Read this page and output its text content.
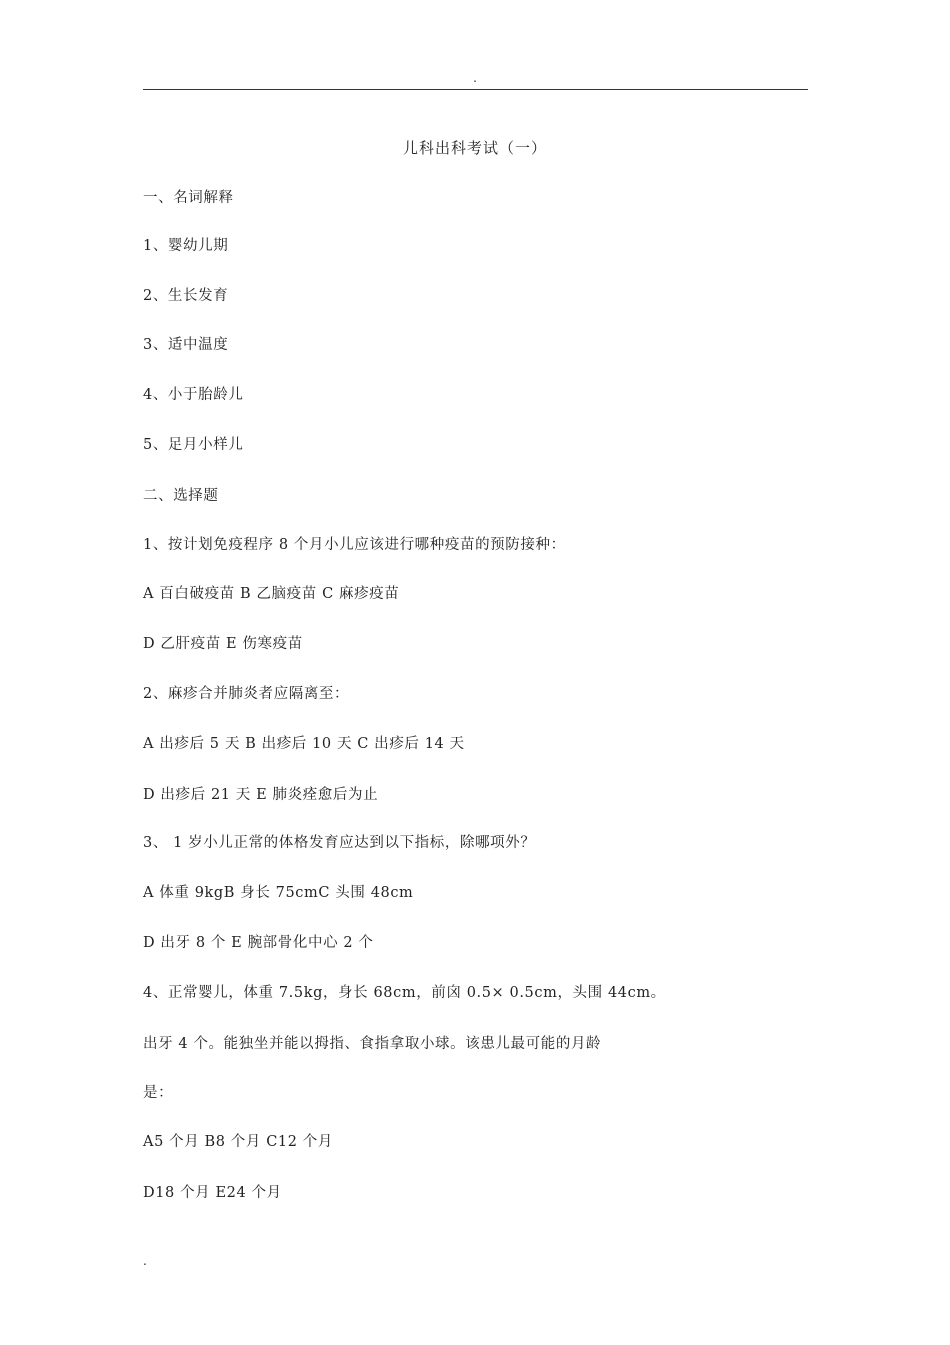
.
儿科出科考试（一）
一、名词解释
1、婴幼儿期
2、生长发育
3、适中温度
4、小于胎龄儿
5、足月小样儿
二、选择题
1、按计划免疫程序 8 个月小儿应该进行哪种疫苗的预防接种：
A 百白破疫苗 B 乙脑疫苗 C 麻疹疫苗
D 乙肝疫苗 E 伤寒疫苗
2、麻疹合并肺炎者应隔离至：
A 出疹后 5 天 B 出疹后 10 天 C 出疹后 14 天
D 出疹后 21 天 E 肺炎痊愈后为止
3、 1 岁小儿正常的体格发育应达到以下指标，除哪项外？
A 体重 9kgB 身长 75cmC 头围 48cm
D 出牙 8 个 E 腕部骨化中心 2 个
4、正常婴儿，体重 7.5kg，身长 68cm，前囟 0.5× 0.5cm，头围 44cm。
出牙 4 个。能独坐并能以拇指、食指拿取小球。该患儿最可能的月龄
是：
A5 个月 B8 个月 C12 个月
D18 个月 E24 个月
.
